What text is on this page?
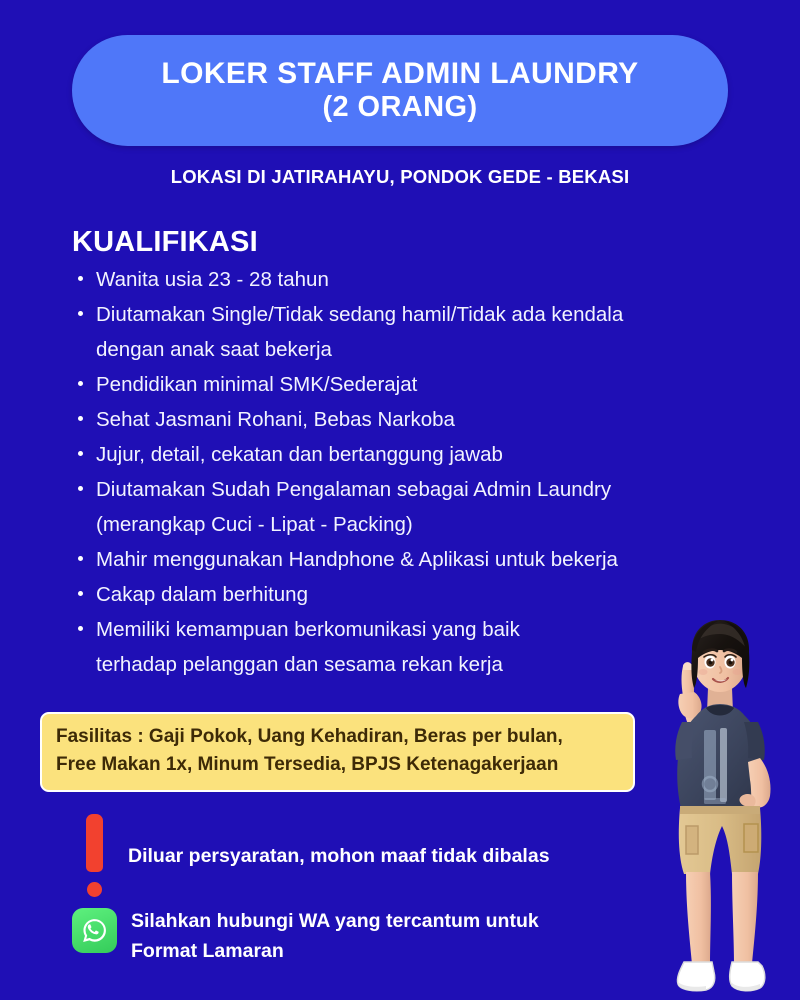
LOKER STAFF ADMIN LAUNDRY
(2 ORANG)
LOKASI DI JATIRAHAYU, PONDOK GEDE - BEKASI
KUALIFIKASI
Wanita usia 23 - 28 tahun
Diutamakan Single/Tidak sedang hamil/Tidak ada kendala
dengan anak saat bekerja
Pendidikan minimal SMK/Sederajat
Sehat Jasmani Rohani, Bebas Narkoba
Jujur, detail, cekatan dan bertanggung jawab
Diutamakan Sudah Pengalaman sebagai Admin Laundry
(merangkap Cuci - Lipat - Packing)
Mahir menggunakan Handphone & Aplikasi untuk bekerja
Cakap dalam berhitung
Memiliki kemampuan berkomunikasi yang baik
terhadap pelanggan dan sesama rekan kerja
Fasilitas : Gaji Pokok, Uang Kehadiran, Beras per bulan,
Free Makan 1x, Minum Tersedia, BPJS Ketenagakerjaan
Diluar persyaratan, mohon maaf tidak dibalas
Silahkan hubungi WA yang tercantum untuk
Format Lamaran
